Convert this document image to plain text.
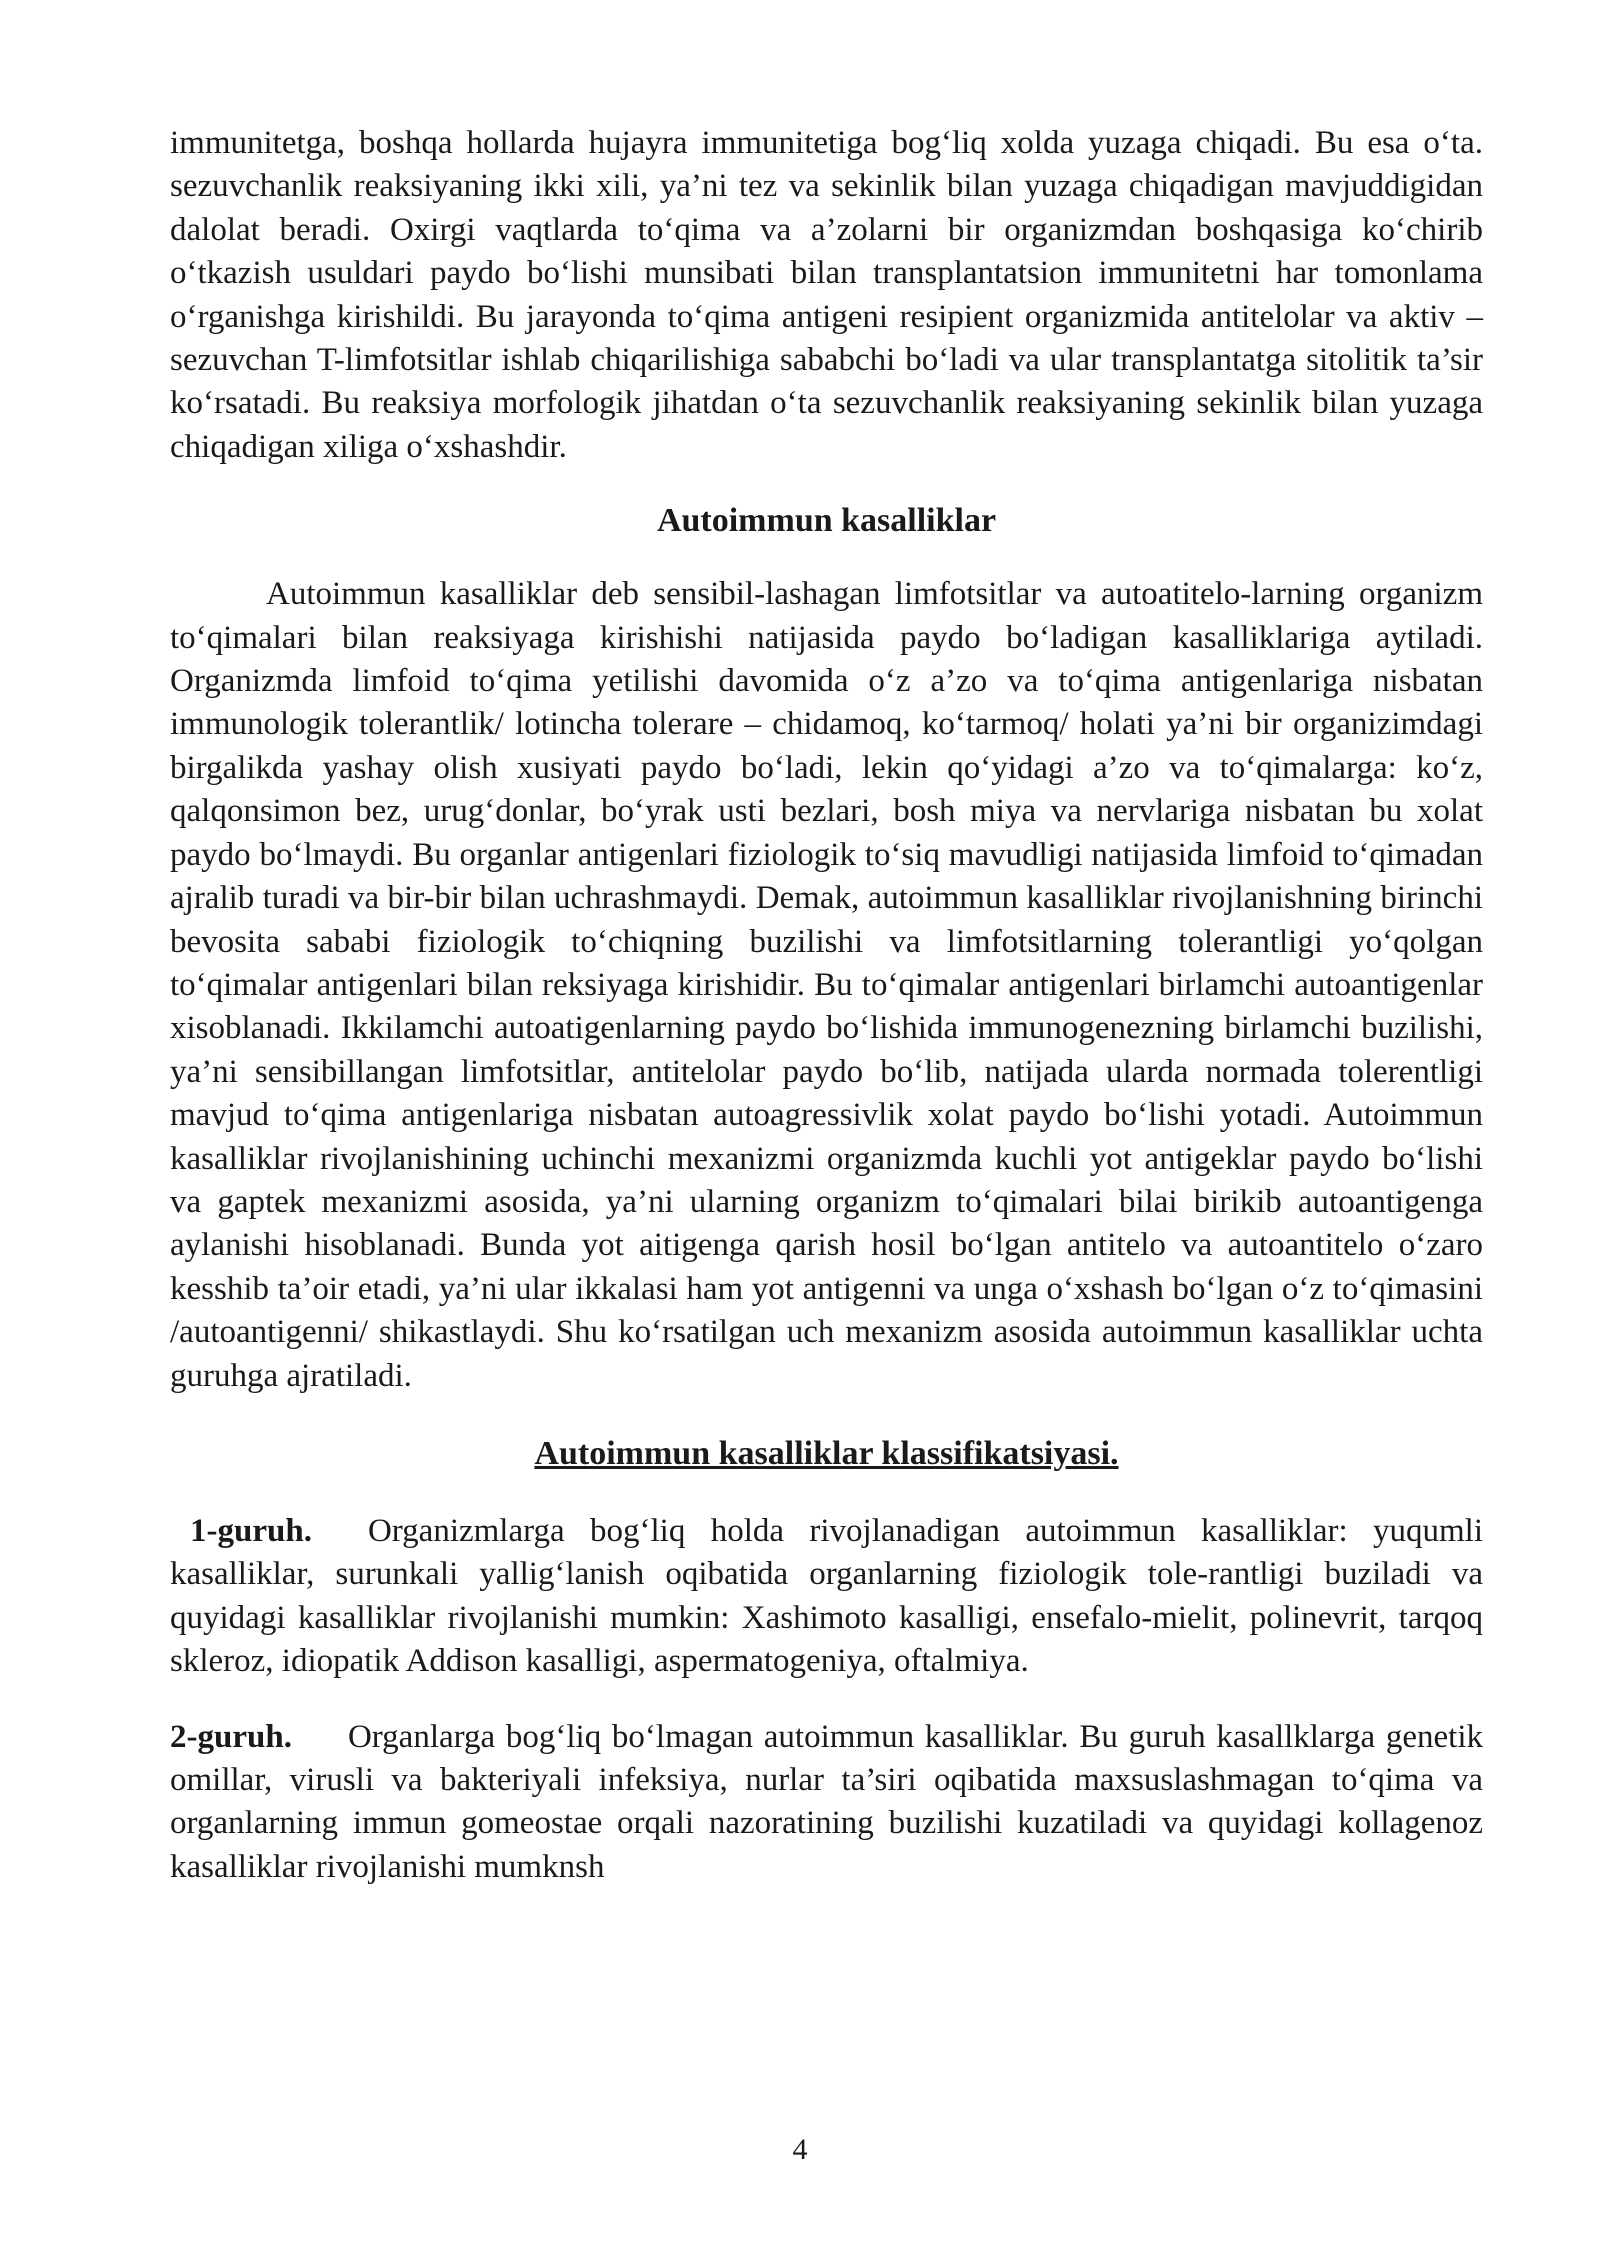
immunitetga, boshqa hollarda hujayra immunitetiga bog‘liq xolda yuzaga chiqadi. Bu esa o‘ta. sezuvchanlik reaksiyaning ikki xili, ya’ni tez va sekinlik bilan yuzaga chiqadigan mavjuddigidan dalolat beradi. Oxirgi vaqtlarda to‘qima va a’zolarni bir organizmdan boshqasiga ko‘chirib o‘tkazish usuldari paydo bo‘lishi munsibati bilan transplantatsion immunitetni har tomonlama o‘rganishga kirishildi. Bu jarayonda to‘qima antigeni resipient organizmida antitelolar va aktiv –sezuvchan T-limfotsitlar ishlab chiqarilishiga sababchi bo‘ladi va ular transplantatga sitolitik ta’sir ko‘rsatadi. Bu reaksiya morfologik jihatdan o‘ta sezuvchanlik reaksiyaning sekinlik bilan yuzaga chiqadigan xiliga o‘xshashdir.

Autoimmun kasalliklar

Autoimmun kasalliklar deb sensibil-lashagan limfotsitlar va autoatitelo-larning organizm to‘qimalari bilan reaksiyaga kirishishi natijasida paydo bo‘ladigan kasalliklariga aytiladi. Organizmda limfoid to‘qima yetilishi davomida o‘z a’zo va to‘qima antigenlariga nisbatan immunologik tolerantlik/ lotincha tolerare – chidamoq, ko‘tarmoq/ holati ya’ni bir organizimdagi birgalikda yashay olish xusiyati paydo bo‘ladi, lekin qo‘yidagi a’zo va to‘qimalarga: ko‘z, qalqonsimon bez, urug‘donlar, bo‘yrak usti bezlari, bosh miya va nervlariga nisbatan bu xolat paydo bo‘lmaydi. Bu organlar antigenlari fiziologik to‘siq mavudligi natijasida limfoid to‘qimadan ajralib turadi va bir-bir bilan uchrashmaydi. Demak, autoimmun kasalliklar rivojlanishning birinchi bevosita sababi fiziologik to‘chiqning buzilishi va limfotsitlarning tolerantligi yo‘qolgan to‘qimalar antigenlari bilan reksiyaga kirishidir. Bu to‘qimalar antigenlari birlamchi autoantigenlar xisoblanadi. Ikkilamchi autoatigenlarning paydo bo‘lishida immunogenezning birlamchi buzilishi, ya’ni sensibillangan limfotsitlar, antitelolar paydo bo‘lib, natijada ularda normada tolerentligi mavjud to‘qima antigenlariga nisbatan autoagressivlik xolat paydo bo‘lishi yotadi. Autoimmun kasalliklar rivojlanishining uchinchi mexanizmi organizmda kuchli yot antigeklar paydo bo‘lishi va gaptek mexanizmi asosida, ya’ni ularning organizm to‘qimalari bilai birikib autoantigenga aylanishi hisoblanadi. Bunda yot aitigenga qarish hosil bo‘lgan antitelo va autoantitelo o‘zaro kesshib ta’oir etadi, ya’ni ular ikkalasi ham yot antigenni va unga o‘xshash bo‘lgan o‘z to‘qimasini /autoantigenni/ shikastlaydi. Shu ko‘rsatilgan uch mexanizm asosida autoimmun kasalliklar uchta guruhga ajratiladi.

Autoimmun kasalliklar klassifikatsiyasi.

1-guruh. Organizmlarga bog‘liq holda rivojlanadigan autoimmun kasalliklar: yuqumli kasalliklar, surunkali yallig‘lanish oqibatida organlarning fiziologik tole-rantligi buziladi va quyidagi kasalliklar rivojlanishi mumkin: Xashimoto kasalligi, ensefalo-mielit, polinevrit, tarqoq skleroz, idiopatik Addison kasalligi, aspermatogeniya, oftalmiya.

2-guruh. Organlarga bog‘liq bo‘lmagan autoimmun kasalliklar. Bu guruh kasallklarga genetik omillar, virusli va bakteriyali infeksiya, nurlar ta’siri oqibatida maxsuslashmagan to‘qima va organlarning immun gomeostae orqali nazoratining buzilishi kuzatiladi va quyidagi kollagenoz kasalliklar rivojlanishi mumknsh

4
